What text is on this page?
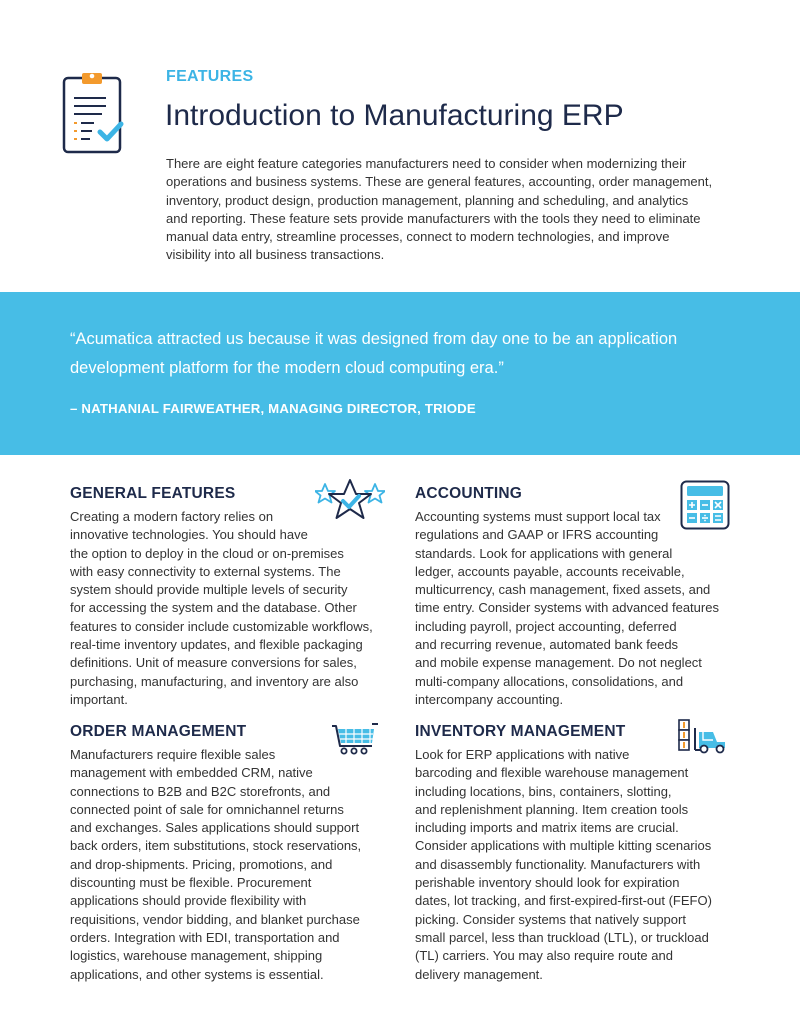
FEATURES
Introduction to Manufacturing ERP
There are eight feature categories manufacturers need to consider when modernizing their
operations and business systems. These are general features, accounting, order management,
inventory, product design, production management, planning and scheduling, and analytics
and reporting. These feature sets provide manufacturers with the tools they need to eliminate
manual data entry, streamline processes, connect to modern technologies, and improve
visibility into all business transactions.
“Acumatica attracted us because it was designed from day one to be an application
development platform for the modern cloud computing era.”
– NATHANIAL FAIRWEATHER, MANAGING DIRECTOR, TRIODE
GENERAL FEATURES

Creating a modern factory relies on
innovative technologies. You should have
the option to deploy in the cloud or on-premises
with easy connectivity to external systems. The
system should provide multiple levels of security
for accessing the system and the database. Other
features to consider include customizable workflows,
real-time inventory updates, and flexible packaging
definitions. Unit of measure conversions for sales,
purchasing, manufacturing, and inventory are also
important.

ACCOUNTING

Accounting systems must support local tax
regulations and GAAP or IFRS accounting
standards. Look for applications with general
ledger, accounts payable, accounts receivable,
multicurrency, cash management, fixed assets, and
time entry. Consider systems with advanced features
including payroll, project accounting, deferred
and recurring revenue, automated bank feeds
and mobile expense management. Do not neglect
multi-company allocations, consolidations, and
intercompany accounting.

ORDER MANAGEMENT

Manufacturers require flexible sales
management with embedded CRM, native
connections to B2B and B2C storefronts, and
connected point of sale for omnichannel returns
and exchanges. Sales applications should support
back orders, item substitutions, stock reservations,
and drop-shipments. Pricing, promotions, and
discounting must be flexible. Procurement
applications should provide flexibility with
requisitions, vendor bidding, and blanket purchase
orders. Integration with EDI, transportation and
logistics, warehouse management, shipping
applications, and other systems is essential.

INVENTORY MANAGEMENT

Look for ERP applications with native
barcoding and flexible warehouse management
including locations, bins, containers, slotting,
and replenishment planning. Item creation tools
including imports and matrix items are crucial.
Consider applications with multiple kitting scenarios
and disassembly functionality. Manufacturers with
perishable inventory should look for expiration
dates, lot tracking, and first-expired-first-out (FEFO)
picking. Consider systems that natively support
small parcel, less than truckload (LTL), or truckload
(TL) carriers. You may also require route and
delivery management.
